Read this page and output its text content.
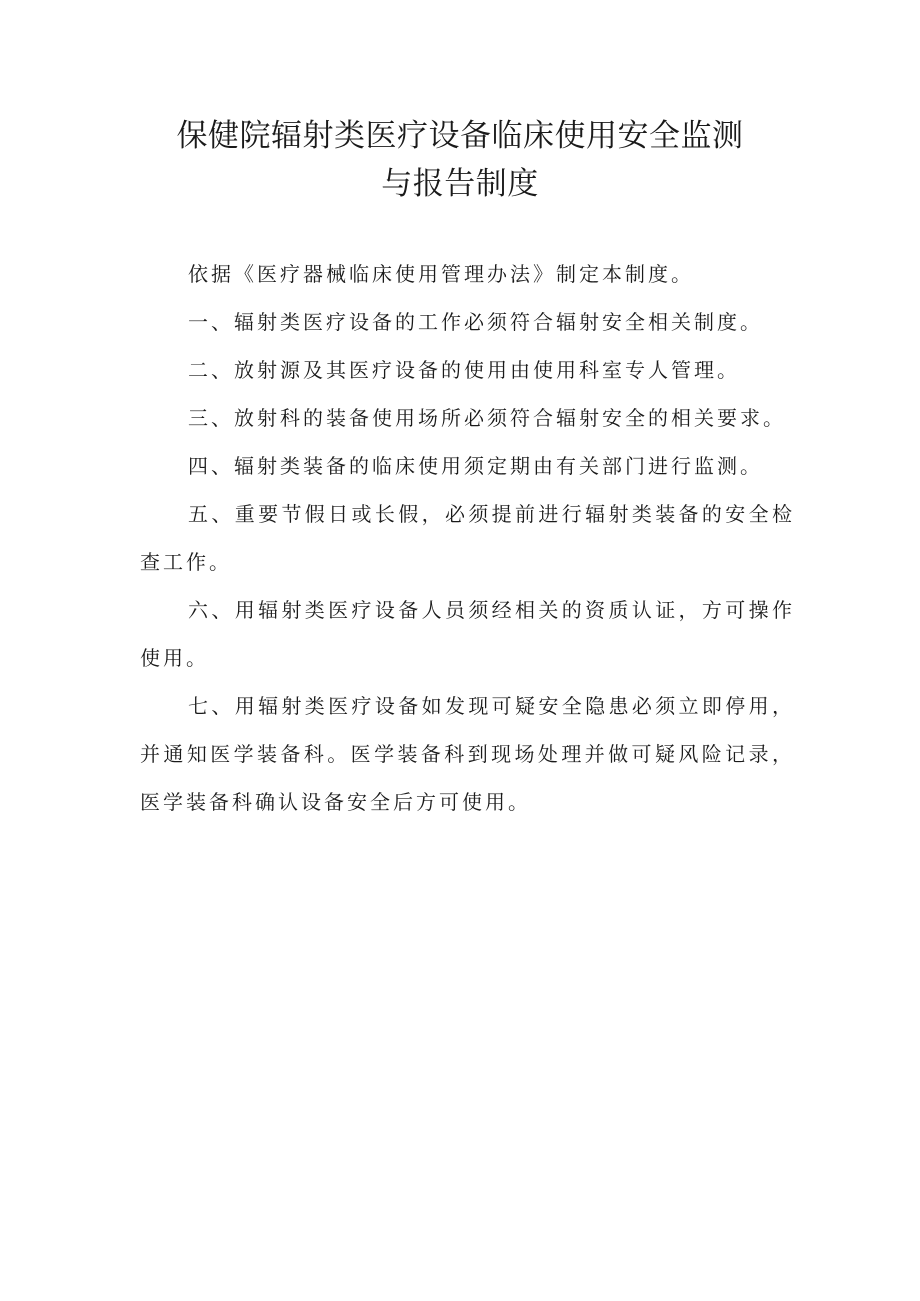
保健院辐射类医疗设备临床使用安全监测
与报告制度

依据《医疗器械临床使用管理办法》制定本制度。

一、辐射类医疗设备的工作必须符合辐射安全相关制度。

二、放射源及其医疗设备的使用由使用科室专人管理。

三、放射科的装备使用场所必须符合辐射安全的相关要求。

四、辐射类装备的临床使用须定期由有关部门进行监测。

五、重要节假日或长假，必须提前进行辐射类装备的安全检查工作。

六、用辐射类医疗设备人员须经相关的资质认证，方可操作使用。

七、用辐射类医疗设备如发现可疑安全隐患必须立即停用，并通知医学装备科。医学装备科到现场处理并做可疑风险记录，医学装备科确认设备安全后方可使用。
